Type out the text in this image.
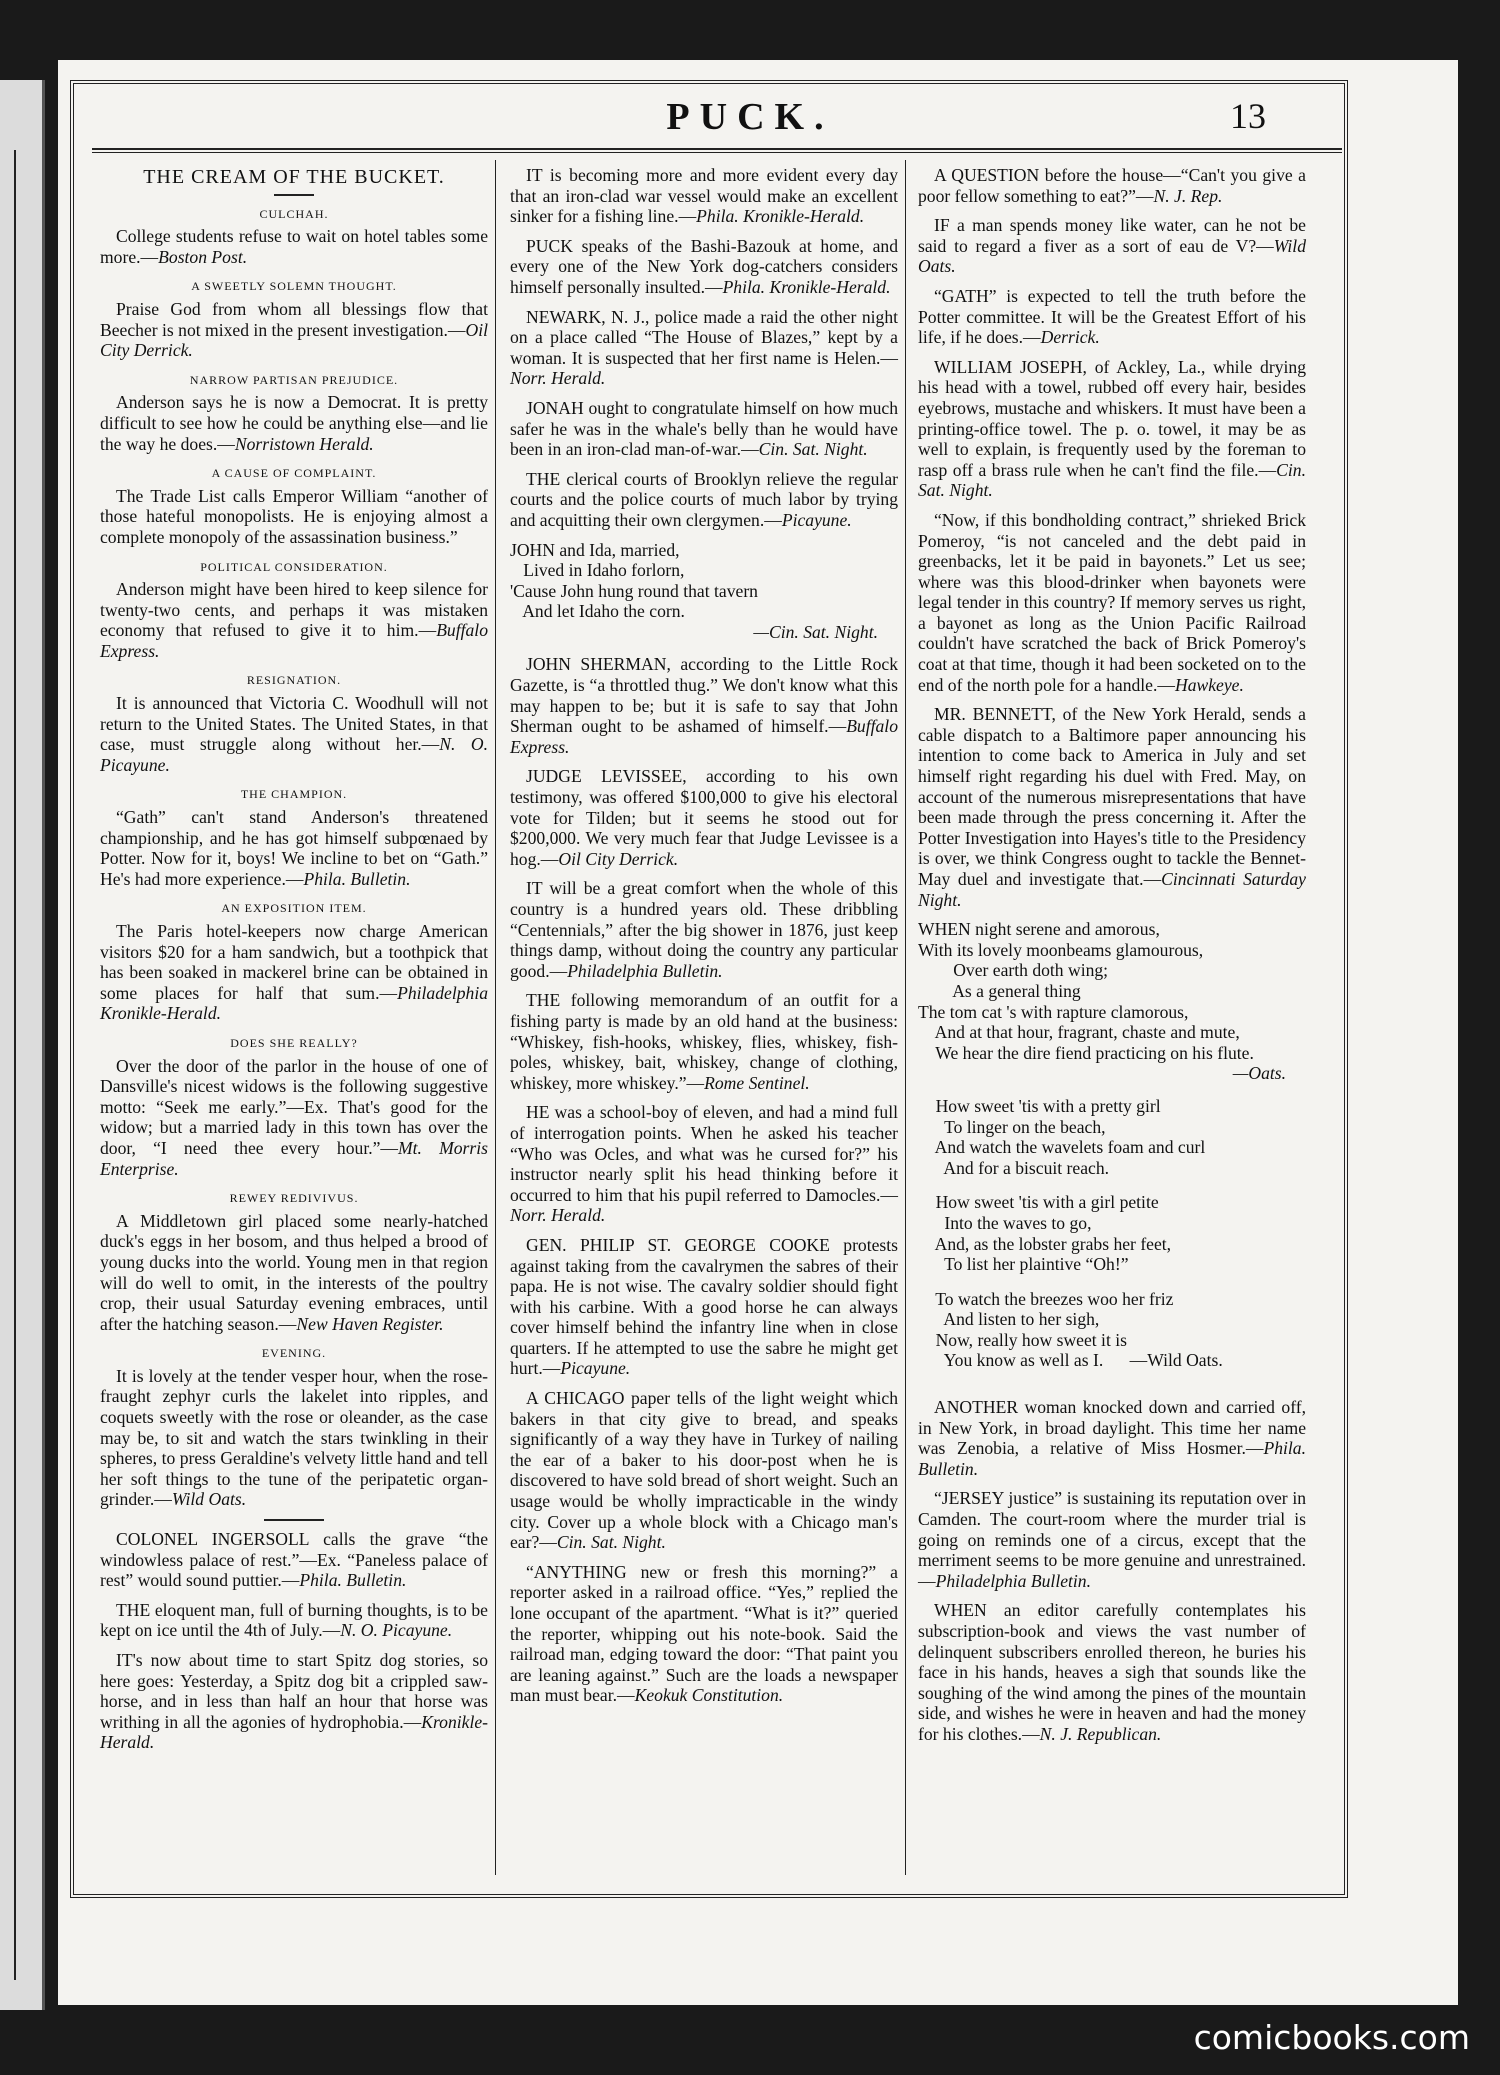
PUCK.	13
THE CREAM OF THE BUCKET.
CULCHAH.

College students refuse to wait on hotel tables some more.—Boston Post.

A SWEETLY SOLEMN THOUGHT.

Praise God from whom all blessings flow that Beecher is not mixed in the present investigation.—Oil City Derrick.

NARROW PARTISAN PREJUDICE.

Anderson says he is now a Democrat. It is pretty difficult to see how he could be anything else—and lie the way he does.—Norristown Herald.

A CAUSE OF COMPLAINT.

The Trade List calls Emperor William “another of those hateful monopolists. He is enjoying almost a complete monopoly of the assassination business.”

POLITICAL CONSIDERATION.

Anderson might have been hired to keep silence for twenty-two cents, and perhaps it was mistaken economy that refused to give it to him.—Buffalo Express.

RESIGNATION.

It is announced that Victoria C. Woodhull will not return to the United States. The United States, in that case, must struggle along without her.—N. O. Picayune.

THE CHAMPION.

“Gath” can't stand Anderson's threatened championship, and he has got himself subpœnaed by Potter. Now for it, boys! We incline to bet on “Gath.” He's had more experience.—Phila. Bulletin.

AN EXPOSITION ITEM.

The Paris hotel-keepers now charge American visitors $20 for a ham sandwich, but a toothpick that has been soaked in mackerel brine can be obtained in some places for half that sum.—Philadelphia Kronikle-Herald.

DOES SHE REALLY?

Over the door of the parlor in the house of one of Dansville's nicest widows is the following suggestive motto: “Seek me early.”—Ex. That's good for the widow; but a married lady in this town has over the door, “I need thee every hour.”—Mt. Morris Enterprise.

REWEY REDIVIVUS.

A Middletown girl placed some nearly-hatched duck's eggs in her bosom, and thus helped a brood of young ducks into the world. Young men in that region will do well to omit, in the interests of the poultry crop, their usual Saturday evening embraces, until after the hatching season.—New Haven Register.

EVENING.

It is lovely at the tender vesper hour, when the rose-fraught zephyr curls the lakelet into ripples, and coquets sweetly with the rose or oleander, as the case may be, to sit and watch the stars twinkling in their spheres, to press Geraldine's velvety little hand and tell her soft things to the tune of the peripatetic organ-grinder.—Wild Oats.

COLONEL INGERSOLL calls the grave “the windowless palace of rest.”—Ex. “Paneless palace of rest” would sound puttier.—Phila. Bulletin.

THE eloquent man, full of burning thoughts, is to be kept on ice until the 4th of July.—N. O. Picayune.

IT's now about time to start Spitz dog stories, so here goes: Yesterday, a Spitz dog bit a crippled saw-horse, and in less than half an hour that horse was writhing in all the agonies of hydrophobia.—Kronikle-Herald.

IT is becoming more and more evident every day that an iron-clad war vessel would make an excellent sinker for a fishing line.—Phila. Kronikle-Herald.

PUCK speaks of the Bashi-Bazouk at home, and every one of the New York dog-catchers considers himself personally insulted.—Phila. Kronikle-Herald.

NEWARK, N. J., police made a raid the other night on a place called “The House of Blazes,” kept by a woman. It is suspected that her first name is Helen.—Norr. Herald.

JONAH ought to congratulate himself on how much safer he was in the whale's belly than he would have been in an iron-clad man-of-war.—Cin. Sat. Night.

THE clerical courts of Brooklyn relieve the regular courts and the police courts of much labor by trying and acquitting their own clergymen.—Picayune.

JOHN and Ida, married,
Lived in Idaho forlorn,
'Cause John hung round that tavern
And let Idaho the corn.
—Cin. Sat. Night.

JOHN SHERMAN, according to the Little Rock Gazette, is “a throttled thug.” We don't know what this may happen to be; but it is safe to say that John Sherman ought to be ashamed of himself.—Buffalo Express.

JUDGE LEVISSEE, according to his own testimony, was offered $100,000 to give his electoral vote for Tilden; but it seems he stood out for $200,000. We very much fear that Judge Levissee is a hog.—Oil City Derrick.

IT will be a great comfort when the whole of this country is a hundred years old. These dribbling “Centennials,” after the big shower in 1876, just keep things damp, without doing the country any particular good.—Philadelphia Bulletin.

THE following memorandum of an outfit for a fishing party is made by an old hand at the business: “Whiskey, fish-hooks, whiskey, flies, whiskey, fish-poles, whiskey, bait, whiskey, change of clothing, whiskey, more whiskey.”—Rome Sentinel.

HE was a school-boy of eleven, and had a mind full of interrogation points. When he asked his teacher “Who was Ocles, and what was he cursed for?” his instructor nearly split his head thinking before it occurred to him that his pupil referred to Damocles.—Norr. Herald.

GEN. PHILIP ST. GEORGE COOKE protests against taking from the cavalrymen the sabres of their papa. He is not wise. The cavalry soldier should fight with his carbine. With a good horse he can always cover himself behind the infantry line when in close quarters. If he attempted to use the sabre he might get hurt.—Picayune.

A CHICAGO paper tells of the light weight which bakers in that city give to bread, and speaks significantly of a way they have in Turkey of nailing the ear of a baker to his door-post when he is discovered to have sold bread of short weight. Such an usage would be wholly impracticable in the windy city. Cover up a whole block with a Chicago man's ear?—Cin. Sat. Night.

“ANYTHING new or fresh this morning?” a reporter asked in a railroad office. “Yes,” replied the lone occupant of the apartment. “What is it?” queried the reporter, whipping out his note-book. Said the railroad man, edging toward the door: “That paint you are leaning against.” Such are the loads a newspaper man must bear.—Keokuk Constitution.

A QUESTION before the house—“Can't you give a poor fellow something to eat?”—N. J. Rep.

IF a man spends money like water, can he not be said to regard a fiver as a sort of eau de V?—Wild Oats.

“GATH” is expected to tell the truth before the Potter committee. It will be the Greatest Effort of his life, if he does.—Derrick.

WILLIAM JOSEPH, of Ackley, La., while drying his head with a towel, rubbed off every hair, besides eyebrows, mustache and whiskers. It must have been a printing-office towel. The p. o. towel, it may be as well to explain, is frequently used by the foreman to rasp off a brass rule when he can't find the file.—Cin. Sat. Night.

“Now, if this bondholding contract,” shrieked Brick Pomeroy, “is not canceled and the debt paid in greenbacks, let it be paid in bayonets.” Let us see; where was this blood-drinker when bayonets were legal tender in this country? If memory serves us right, a bayonet as long as the Union Pacific Railroad couldn't have scratched the back of Brick Pomeroy's coat at that time, though it had been socketed on to the end of the north pole for a handle.—Hawkeye.

MR. BENNETT, of the New York Herald, sends a cable dispatch to a Baltimore paper announcing his intention to come back to America in July and set himself right regarding his duel with Fred. May, on account of the numerous misrepresentations that have been made through the press concerning it. After the Potter Investigation into Hayes's title to the Presidency is over, we think Congress ought to tackle the Bennet-May duel and investigate that.—Cincinnati Saturday Night.

WHEN night serene and amorous,
With its lovely moonbeams glamourous,
Over earth doth wing;
As a general thing
The tom cat 's with rapture clamorous,
And at that hour, fragrant, chaste and mute,
We hear the dire fiend practicing on his flute.
—Oats.
How sweet 'tis with a pretty girl
To linger on the beach,
And watch the wavelets foam and curl
And for a biscuit reach.
How sweet 'tis with a girl petite
Into the waves to go,
And, as the lobster grabs her feet,
To list her plaintive “Oh!”
To watch the breezes woo her friz
And listen to her sigh,
Now, really how sweet it is
You know as well as I.      —Wild Oats.

ANOTHER woman knocked down and carried off, in New York, in broad daylight. This time her name was Zenobia, a relative of Miss Hosmer.—Phila. Bulletin.

“JERSEY justice” is sustaining its reputation over in Camden. The court-room where the murder trial is going on reminds one of a circus, except that the merriment seems to be more genuine and unrestrained.—Philadelphia Bulletin.

WHEN an editor carefully contemplates his subscription-book and views the vast number of delinquent subscribers enrolled thereon, he buries his face in his hands, heaves a sigh that sounds like the soughing of the wind among the pines of the mountain side, and wishes he were in heaven and had the money for his clothes.—N. J. Republican.

comicbooks.com
